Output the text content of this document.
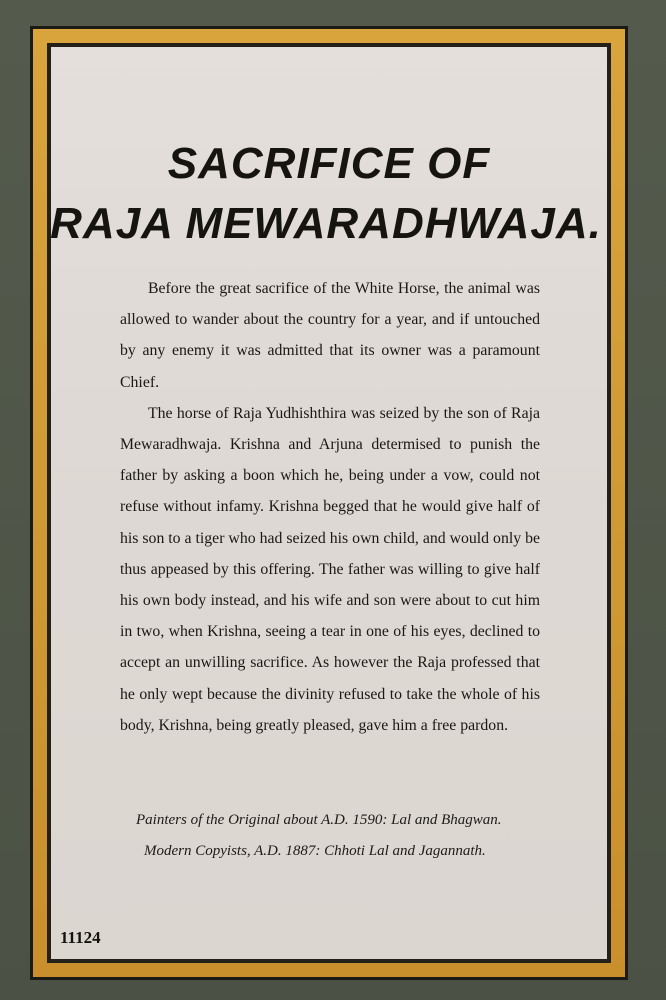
SACRIFICE OF
RAJA MEWARADHWAJA.

Before the great sacrifice of the White Horse, the animal was allowed to wander about the country for a year, and if untouched by any enemy it was admitted that its owner was a paramount Chief.

The horse of Raja Yudhishthira was seized by the son of Raja Mewaradhwaja. Krishna and Arjuna determised to punish the father by asking a boon which he, being under a vow, could not refuse without infamy. Krishna begged that he would give half of his son to a tiger who had seized his own child, and would only be thus appeased by this offering. The father was willing to give half his own body instead, and his wife and son were about to cut him in two, when Krishna, seeing a tear in one of his eyes, declined to accept an unwilling sacrifice. As however the Raja professed that he only wept because the divinity refused to take the whole of his body, Krishna, being greatly pleased, gave him a free pardon.

Painters of the Original about A.D. 1590: Lal and Bhagwan.
Modern Copyists, A.D. 1887: Chhoti Lal and Jagannath.
11124
